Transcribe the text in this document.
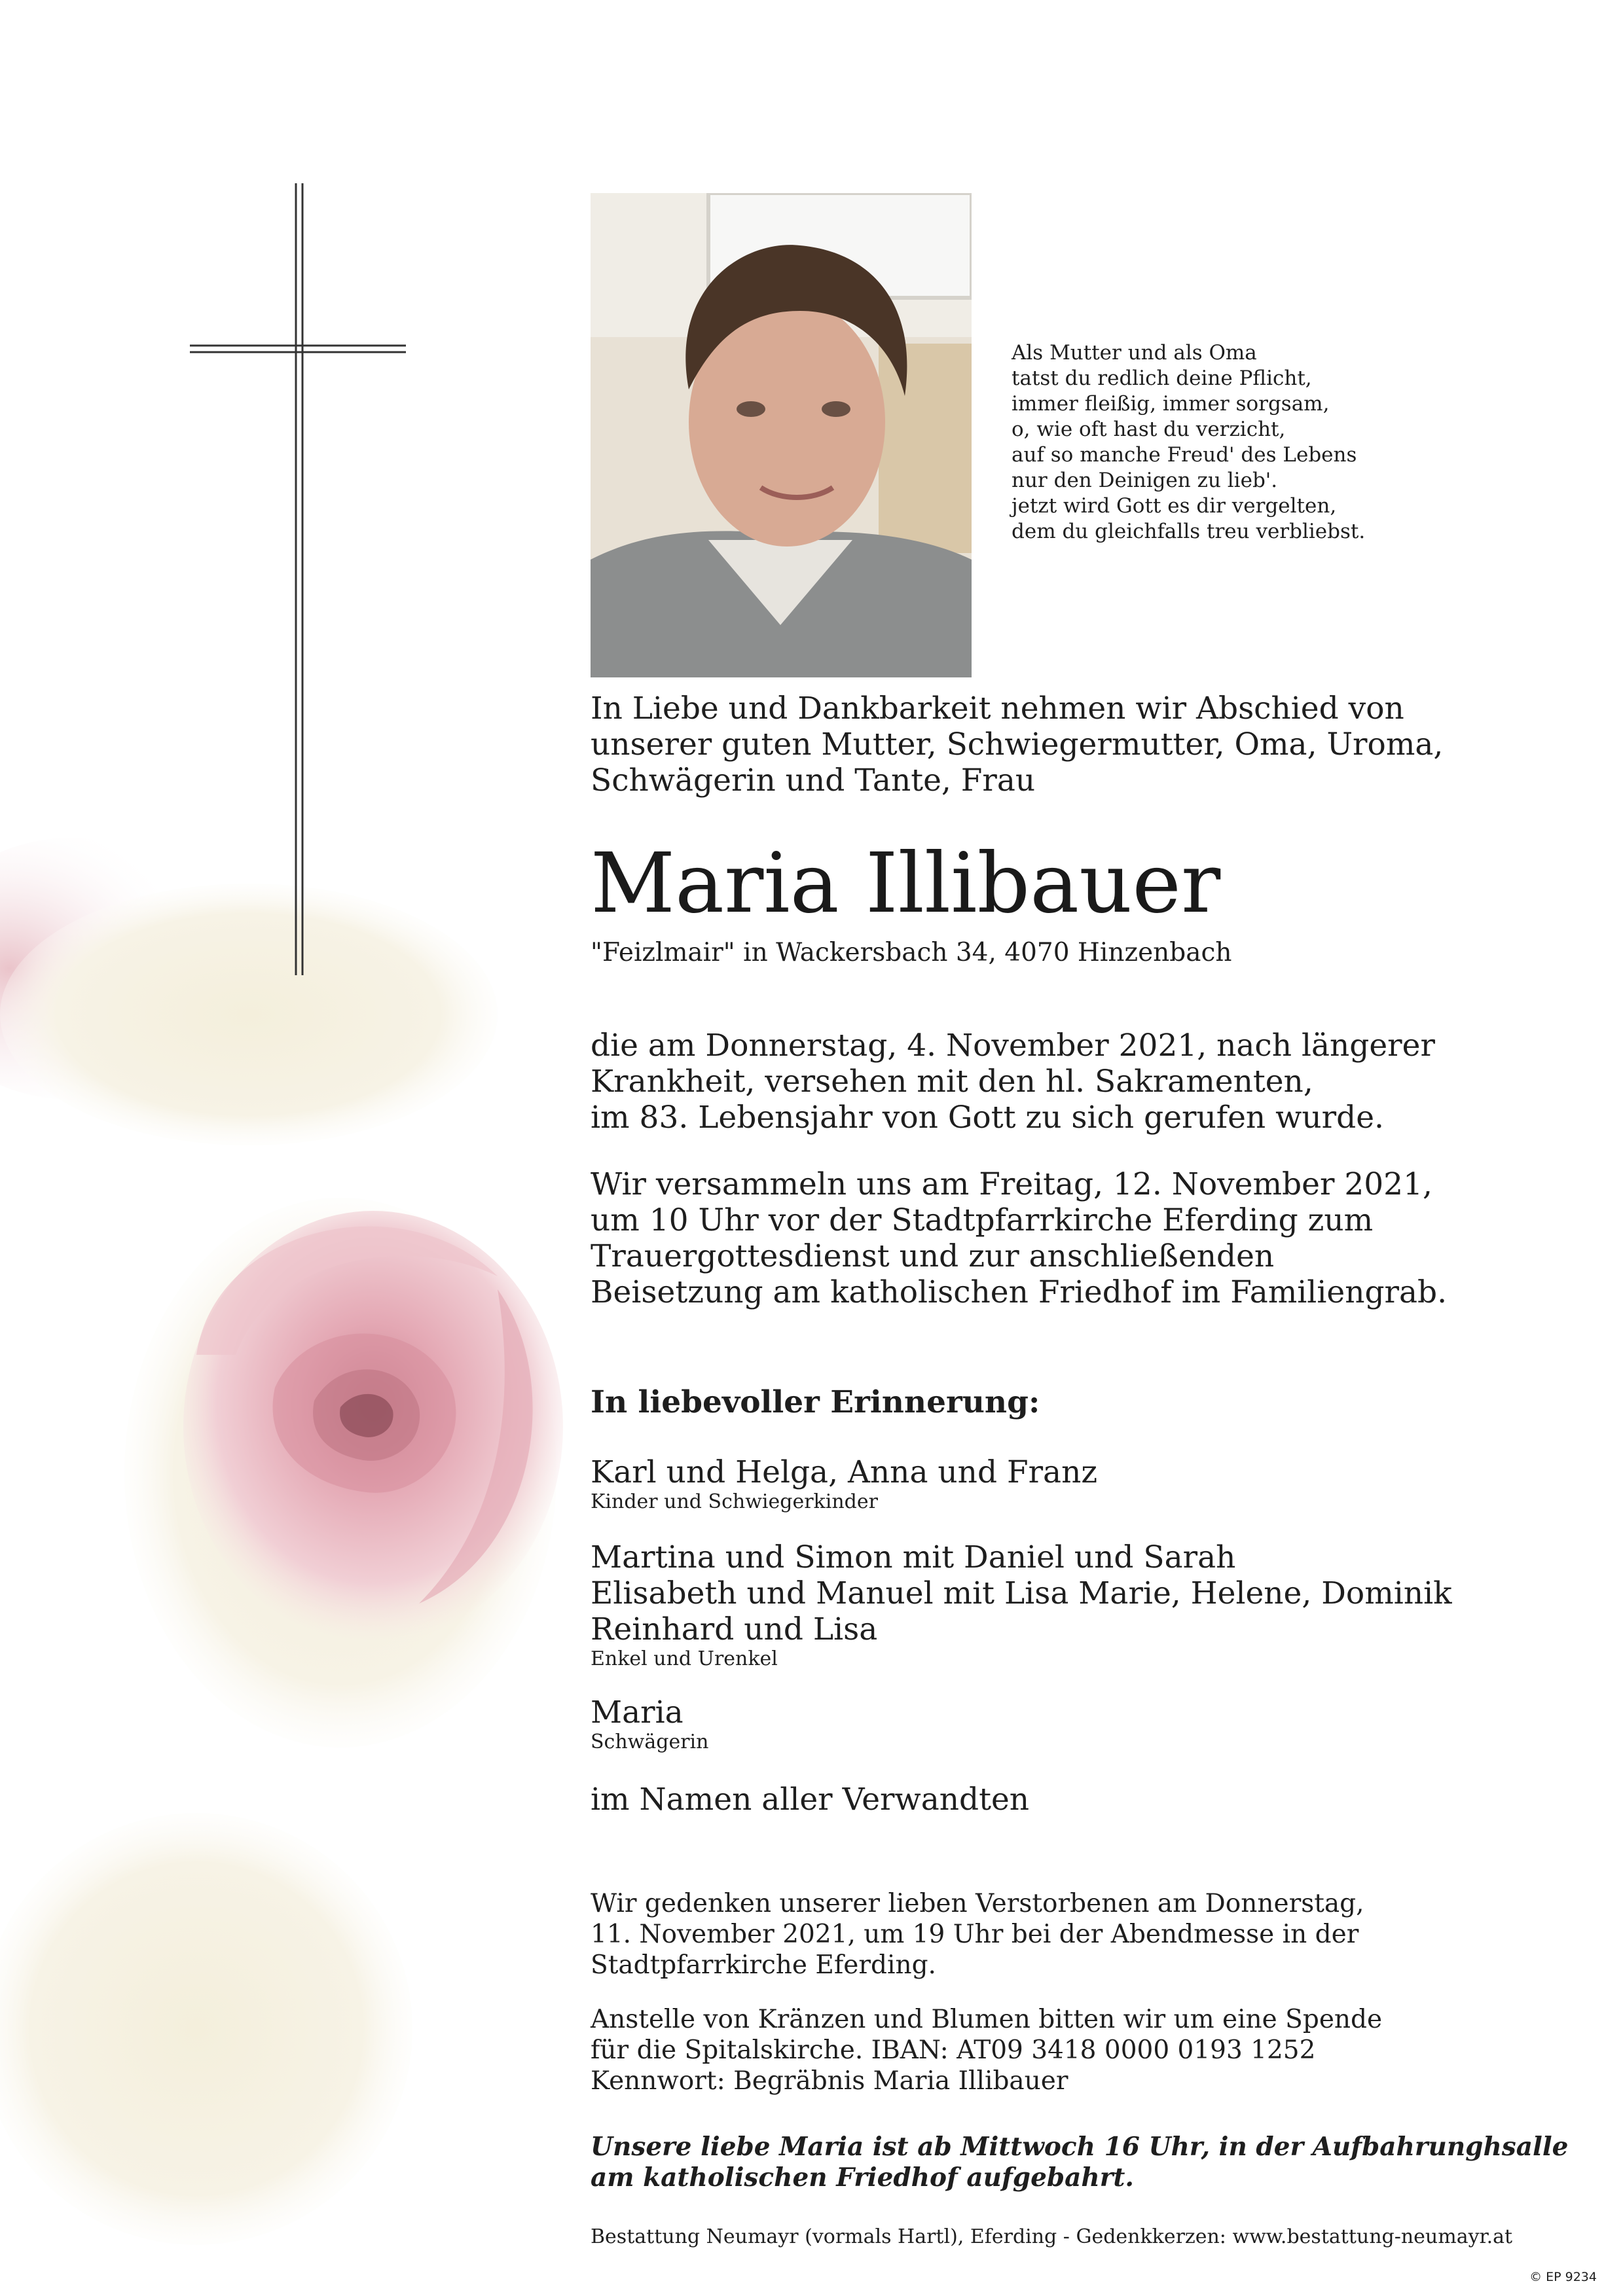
Als Mutter und als Oma
tatst du redlich deine Pflicht,
immer fleißig, immer sorgsam,
o, wie oft hast du verzicht,
auf so manche Freud' des Lebens
nur den Deinigen zu lieb'.
jetzt wird Gott es dir vergelten,
dem du gleichfalls treu verbliebst.
In Liebe und Dankbarkeit nehmen wir Abschied von
unserer guten Mutter, Schwiegermutter, Oma, Uroma,
Schwägerin und Tante, Frau
Maria Illibauer
"Feizlmair" in Wackersbach 34, 4070 Hinzenbach
die am Donnerstag, 4. November 2021, nach längerer
Krankheit, versehen mit den hl. Sakramenten,
im 83. Lebensjahr von Gott zu sich gerufen wurde.
Wir versammeln uns am Freitag, 12. November 2021,
um 10 Uhr vor der Stadtpfarrkirche Eferding zum
Trauergottesdienst und zur anschließenden
Beisetzung am katholischen Friedhof im Familiengrab.
In liebevoller Erinnerung:
Karl und Helga, Anna und Franz
Kinder und Schwiegerkinder
Martina und Simon mit Daniel und Sarah
Elisabeth und Manuel mit Lisa Marie, Helene, Dominik
Reinhard und Lisa
Enkel und Urenkel
Maria
Schwägerin
im Namen aller Verwandten
Wir gedenken unserer lieben Verstorbenen am Donnerstag,
11. November 2021, um 19 Uhr bei der Abendmesse in der
Stadtpfarrkirche Eferding.
Anstelle von Kränzen und Blumen bitten wir um eine Spende
für die Spitalskirche. IBAN: AT09 3418 0000 0193 1252
Kennwort: Begräbnis Maria Illibauer
Unsere liebe Maria ist ab Mittwoch 16 Uhr, in der Aufbahrunghsalle
am katholischen Friedhof aufgebahrt.
Bestattung Neumayr (vormals Hartl), Eferding - Gedenkkerzen: www.bestattung-neumayr.at
© EP 9234
